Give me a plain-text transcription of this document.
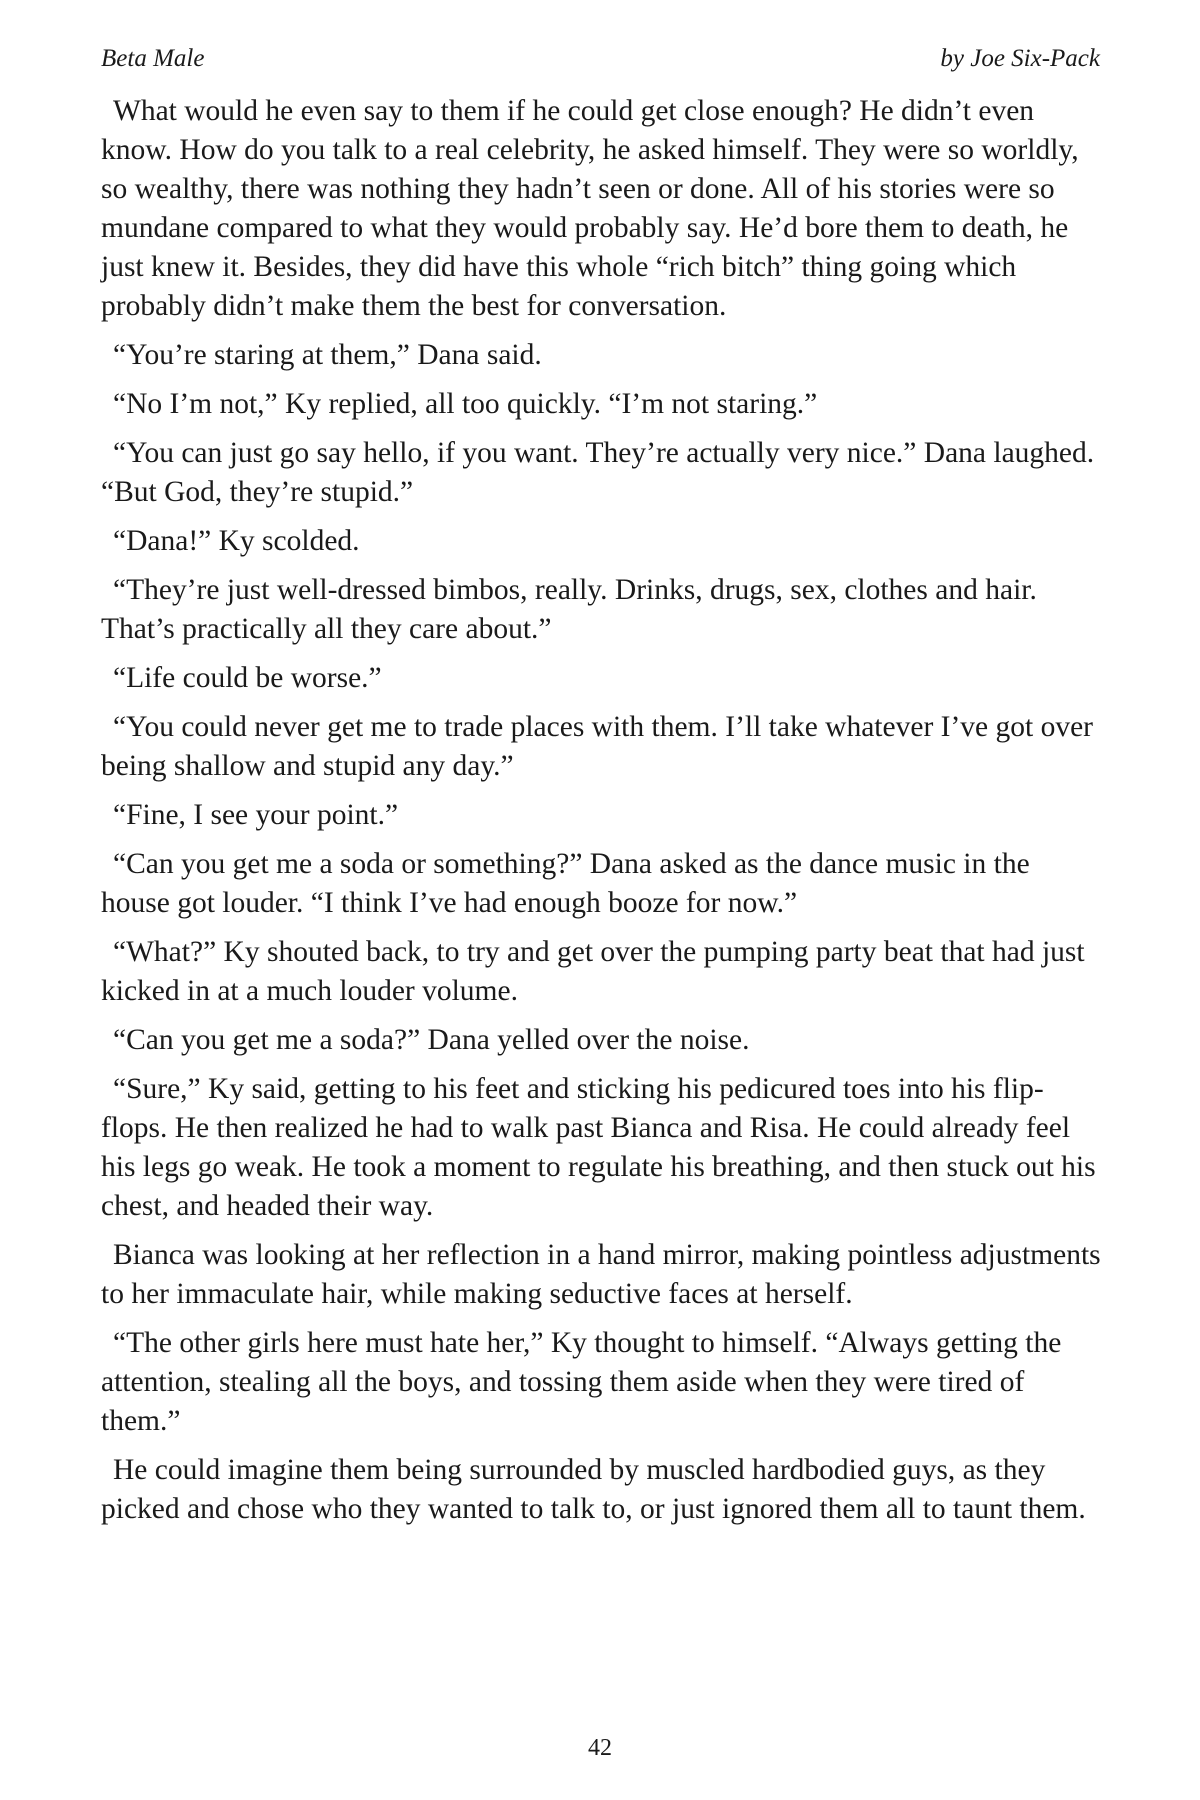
Beta Male	by Joe Six-Pack

What would he even say to them if he could get close enough? He didn’t even know. How do you talk to a real celebrity, he asked himself. They were so worldly, so wealthy, there was nothing they hadn’t seen or done. All of his stories were so mundane compared to what they would probably say. He’d bore them to death, he just knew it. Besides, they did have this whole “rich bitch” thing going which probably didn’t make them the best for conversation.

“You’re staring at them,” Dana said.

“No I’m not,” Ky replied, all too quickly. “I’m not staring.”

“You can just go say hello, if you want. They’re actually very nice.” Dana laughed. “But God, they’re stupid.”

“Dana!” Ky scolded.

“They’re just well-dressed bimbos, really. Drinks, drugs, sex, clothes and hair. That’s practically all they care about.”

“Life could be worse.”

“You could never get me to trade places with them. I’ll take whatever I’ve got over being shallow and stupid any day.”

“Fine, I see your point.”

“Can you get me a soda or something?” Dana asked as the dance music in the house got louder. “I think I’ve had enough booze for now.”

“What?” Ky shouted back, to try and get over the pumping party beat that had just kicked in at a much louder volume.

“Can you get me a soda?” Dana yelled over the noise.

“Sure,” Ky said, getting to his feet and sticking his pedicured toes into his flip-flops. He then realized he had to walk past Bianca and Risa. He could already feel his legs go weak. He took a moment to regulate his breathing, and then stuck out his chest, and headed their way.

Bianca was looking at her reflection in a hand mirror, making pointless adjustments to her immaculate hair, while making seductive faces at herself.

“The other girls here must hate her,” Ky thought to himself. “Always getting the attention, stealing all the boys, and tossing them aside when they were tired of them.”

He could imagine them being surrounded by muscled hardbodied guys, as they picked and chose who they wanted to talk to, or just ignored them all to taunt them.

42
